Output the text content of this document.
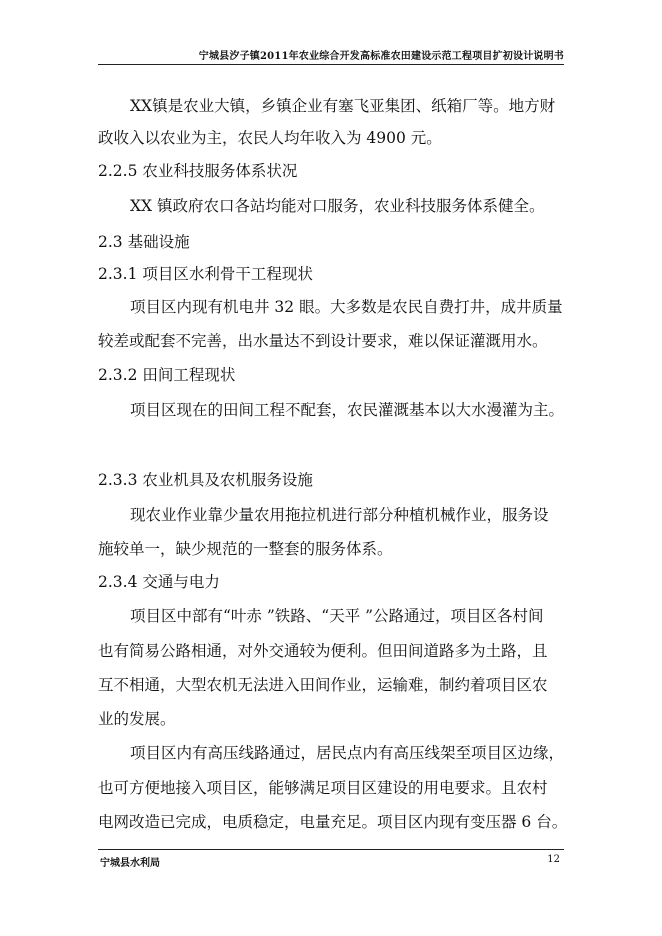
宁城县汐子镇2011年农业综合开发高标准农田建设示范工程项目扩初设计说明书
XX镇是农业大镇，乡镇企业有塞飞亚集团、纸箱厂等。地方财
政收入以农业为主，农民人均年收入为 4900 元。
2.2.5 农业科技服务体系状况
XX 镇政府农口各站均能对口服务，农业科技服务体系健全。
2.3 基础设施
2.3.1 项目区水利骨干工程现状
项目区内现有机电井 32 眼。大多数是农民自费打井，成井质量
较差或配套不完善，出水量达不到设计要求，难以保证灌溉用水。
2.3.2 田间工程现状
项目区现在的田间工程不配套，农民灌溉基本以大水漫灌为主。
2.3.3 农业机具及农机服务设施
现农业作业靠少量农用拖拉机进行部分种植机械作业，服务设
施较单一，缺少规范的一整套的服务体系。
2.3.4 交通与电力
项目区中部有“叶赤 ”铁路、“天平 ”公路通过，项目区各村间
也有简易公路相通，对外交通较为便利。但田间道路多为土路，且
互不相通，大型农机无法进入田间作业，运输难，制约着项目区农
业的发展。
项目区内有高压线路通过，居民点内有高压线架至项目区边缘，
也可方便地接入项目区，能够满足项目区建设的用电要求。且农村
电网改造已完成，电质稳定，电量充足。项目区内现有变压器 6 台。
宁城县水利局	12
